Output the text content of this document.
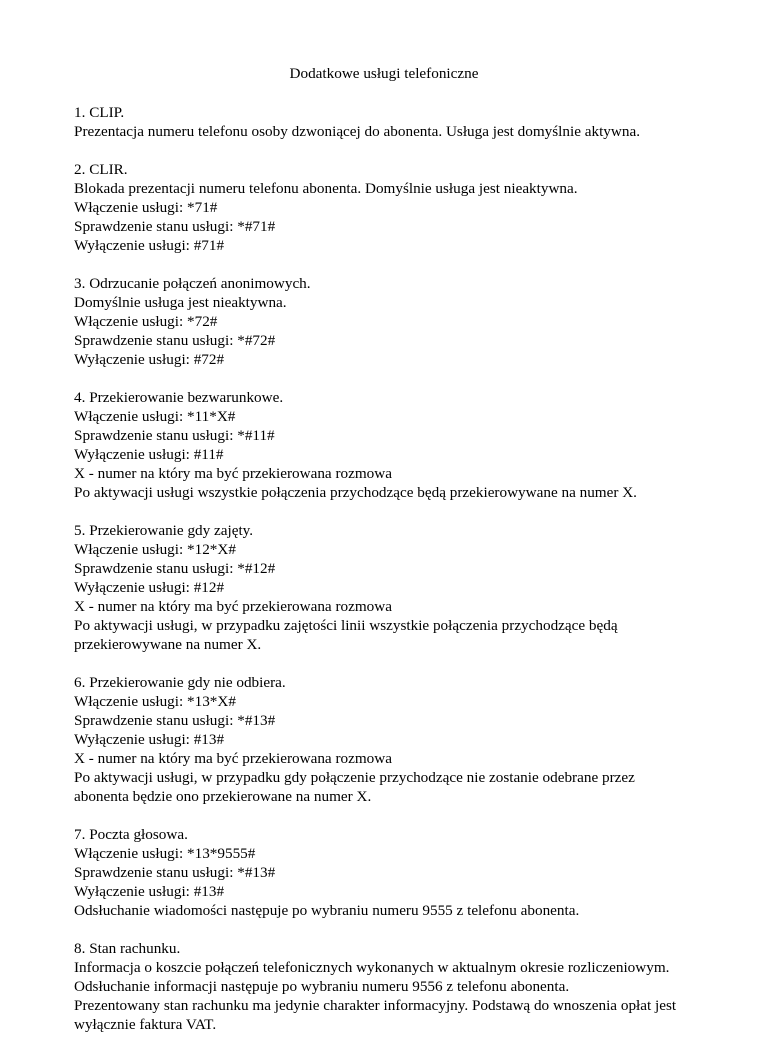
Dodatkowe usługi telefoniczne
1. CLIP.
Prezentacja numeru telefonu osoby dzwoniącej do abonenta. Usługa jest domyślnie aktywna.
2. CLIR.
Blokada prezentacji numeru telefonu abonenta. Domyślnie usługa jest nieaktywna.
Włączenie usługi: *71#
Sprawdzenie stanu usługi: *#71#
Wyłączenie usługi: #71#
3. Odrzucanie połączeń anonimowych.
Domyślnie usługa jest nieaktywna.
Włączenie usługi: *72#
Sprawdzenie stanu usługi: *#72#
Wyłączenie usługi: #72#
4. Przekierowanie bezwarunkowe.
Włączenie usługi: *11*X#
Sprawdzenie stanu usługi: *#11#
Wyłączenie usługi: #11#
X - numer na który ma być przekierowana rozmowa
Po aktywacji usługi wszystkie połączenia przychodzące będą przekierowywane na numer X.
5. Przekierowanie gdy zajęty.
Włączenie usługi: *12*X#
Sprawdzenie stanu usługi: *#12#
Wyłączenie usługi: #12#
X - numer na który ma być przekierowana rozmowa
Po aktywacji usługi, w przypadku zajętości linii wszystkie połączenia przychodzące będą
przekierowywane na numer X.
6. Przekierowanie gdy nie odbiera.
Włączenie usługi: *13*X#
Sprawdzenie stanu usługi: *#13#
Wyłączenie usługi: #13#
X - numer na który ma być przekierowana rozmowa
Po aktywacji usługi, w przypadku gdy połączenie przychodzące nie zostanie odebrane przez
abonenta będzie ono przekierowane na numer X.
7. Poczta głosowa.
Włączenie usługi: *13*9555#
Sprawdzenie stanu usługi: *#13#
Wyłączenie usługi: #13#
Odsłuchanie wiadomości następuje po wybraniu numeru 9555 z telefonu abonenta.
8. Stan rachunku.
Informacja o koszcie połączeń telefonicznych wykonanych w aktualnym okresie rozliczeniowym.
Odsłuchanie informacji następuje po wybraniu numeru 9556 z telefonu abonenta.
Prezentowany stan rachunku ma jedynie charakter informacyjny. Podstawą do wnoszenia opłat jest
wyłącznie faktura VAT.
